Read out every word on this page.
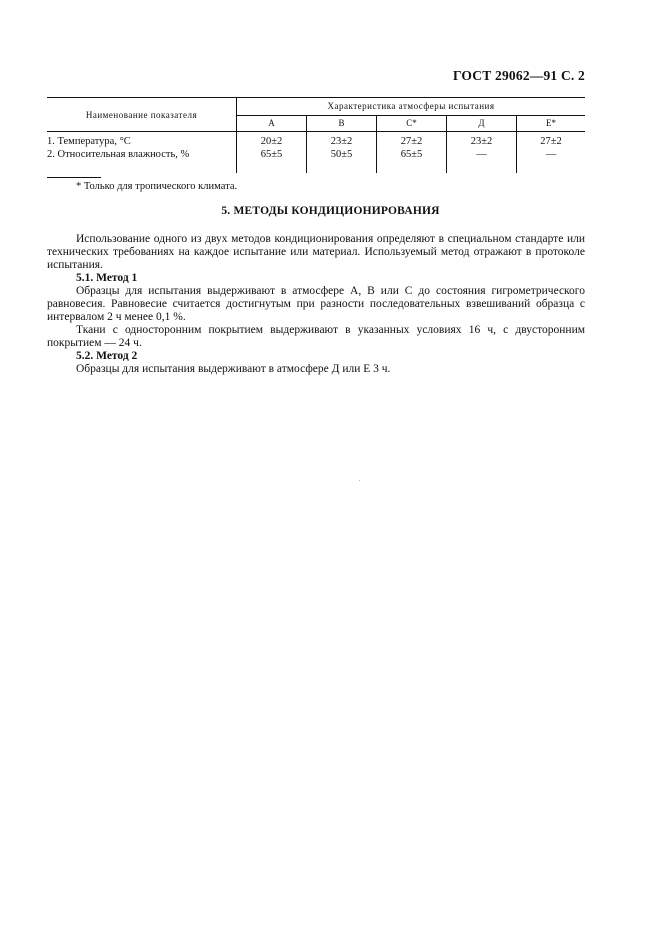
ГОСТ 29062—91 С. 2
Наименование показателя	Характеристика атмосферы испытания				
	А	В	С*	Д	Е*
1. Температура, °С	20±2	23±2	27±2	23±2	27±2
2. Относительная влажность, %	65±5	50±5	65±5	—	—
* Только для тропического климата.
5. МЕТОДЫ КОНДИЦИОНИРОВАНИЯ

Использование одного из двух методов кондиционирования определяют в специальном стандарте или технических требованиях на каждое испытание или материал. Используемый метод отражают в протоколе испытания.

5.1. Метод 1

Образцы для испытания выдерживают в атмосфере А, В или С до состояния гигрометрического равновесия. Равновесие считается достигнутым при разности последовательных взвешиваний образца с интервалом 2 ч менее 0,1 %.

Ткани с односторонним покрытием выдерживают в указанных условиях 16 ч, с двусторонним покрытием — 24 ч.

5.2. Метод 2

Образцы для испытания выдерживают в атмосфере Д или Е 3 ч.
